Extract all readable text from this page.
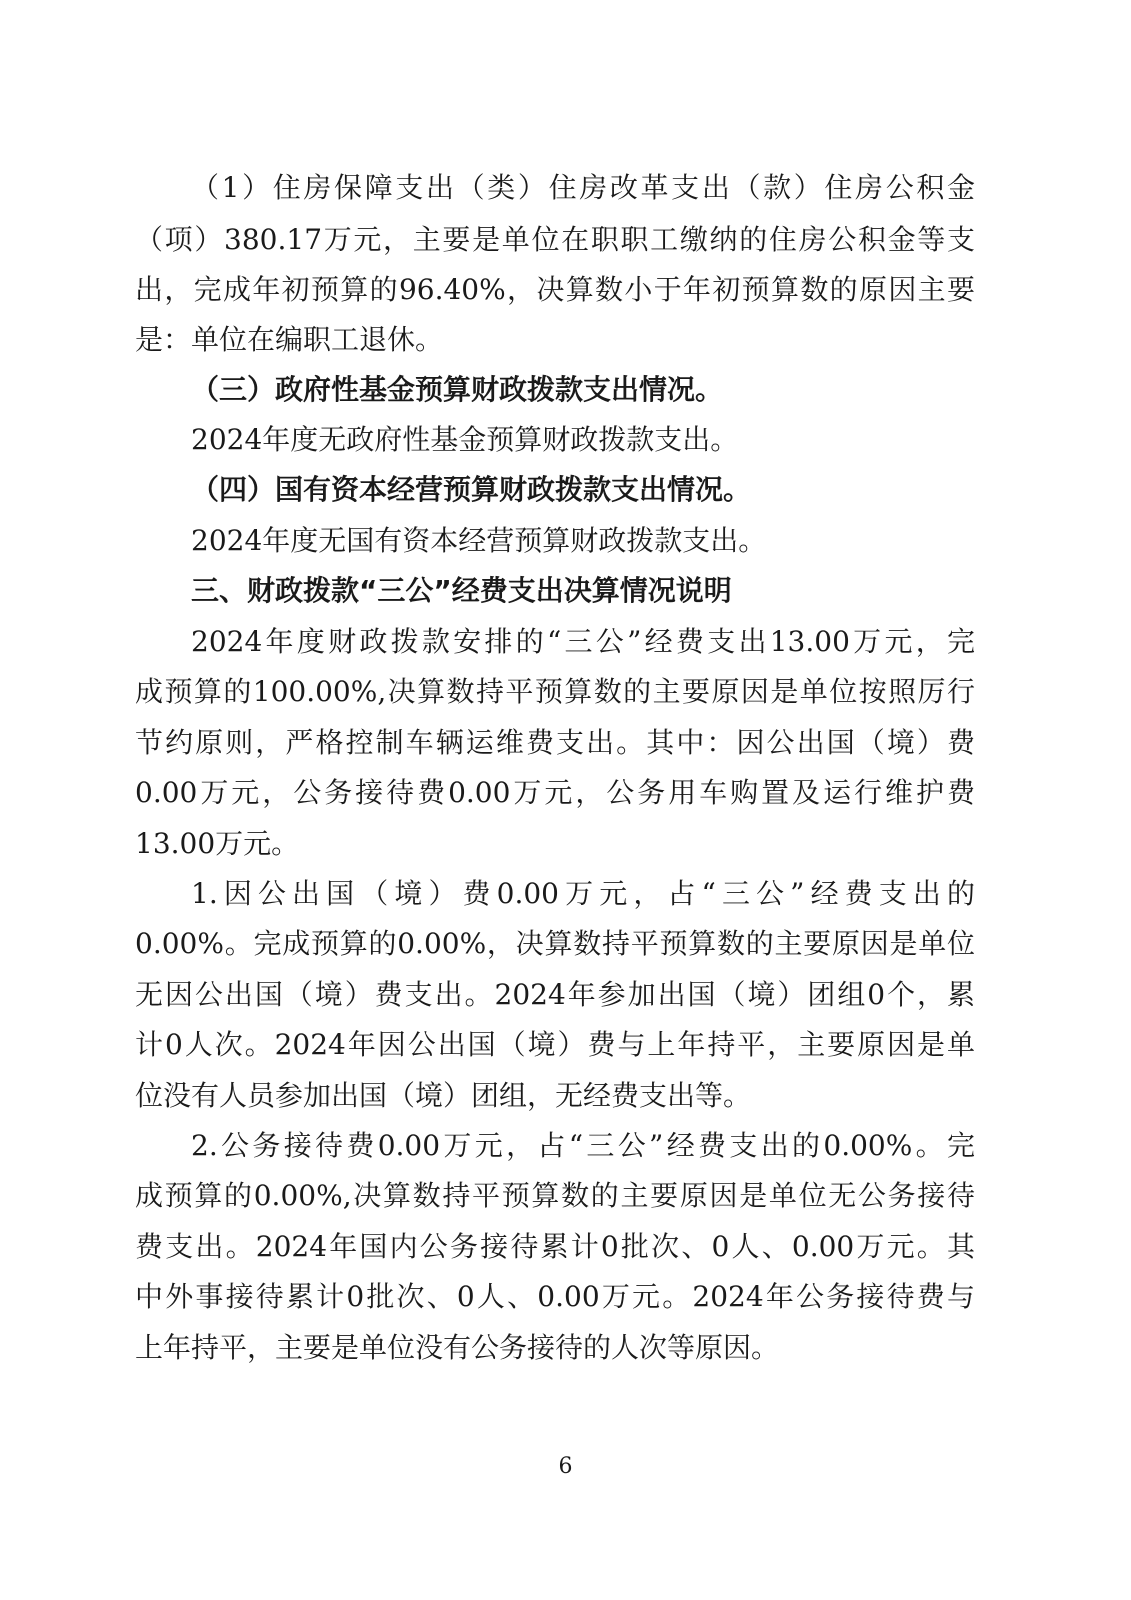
（1）住房保障支出（类）住房改革支出（款）住房公积金
（项）380.17万元，主要是单位在职职工缴纳的住房公积金等支
出，完成年初预算的96.40%，决算数小于年初预算数的原因主要
是：单位在编职工退休。
（三）政府性基金预算财政拨款支出情况。
2024年度无政府性基金预算财政拨款支出。
（四）国有资本经营预算财政拨款支出情况。
2024年度无国有资本经营预算财政拨款支出。
三、财政拨款“三公”经费支出决算情况说明
2024年度财政拨款安排的“三公”经费支出13.00万元，完
成预算的100.00%,决算数持平预算数的主要原因是单位按照厉行
节约原则，严格控制车辆运维费支出。其中：因公出国（境）费
0.00万元，公务接待费0.00万元，公务用车购置及运行维护费
13.00万元。
1.因公出国（境）费0.00万元，占“三公”经费支出的
0.00%。完成预算的0.00%，决算数持平预算数的主要原因是单位
无因公出国（境）费支出。2024年参加出国（境）团组0个，累
计0人次。2024年因公出国（境）费与上年持平，主要原因是单
位没有人员参加出国（境）团组，无经费支出等。
2.公务接待费0.00万元，占“三公”经费支出的0.00%。完
成预算的0.00%,决算数持平预算数的主要原因是单位无公务接待
费支出。2024年国内公务接待累计0批次、0人、0.00万元。其
中外事接待累计0批次、0人、0.00万元。2024年公务接待费与
上年持平，主要是单位没有公务接待的人次等原因。
6
